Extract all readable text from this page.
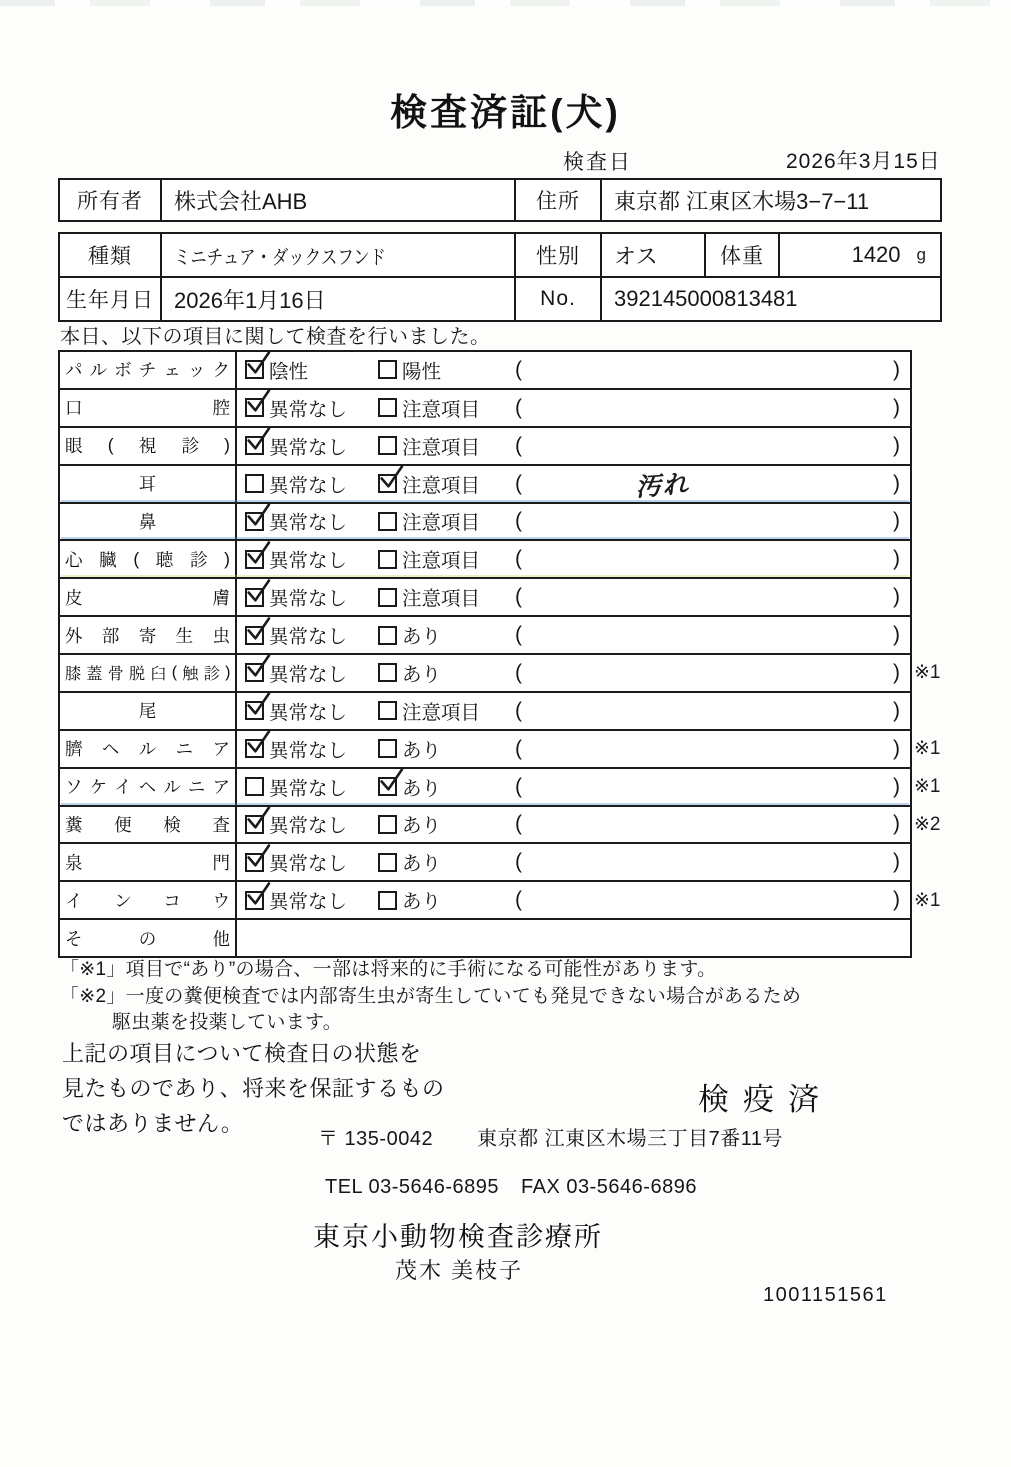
検査済証(犬)
検査日	2026年3月15日
所有者	株式会社AHB	住所	東京都 江東区木場3−7−11
種類	ミニチュア・ダックスフンド	性別	オス	体重	1420 g
生年月日 2026年1月16日	No.	392145000813481
本日、以下の項目に関して検査を行いました。
パ ル ボ チ ェ ッ ク 陰性	陽性	(	)
口	腔 異常なし	注意項目 (	)
眼 ( 視 診 ) 異常なし	注意項目 (	)
耳	異常なし	注意項目 (	汚れ	)
鼻	異常なし	注意項目 (	)
心 臓 ( 聴 診 ) 異常なし	注意項目 (	)
皮	膚 異常なし	注意項目 (	)
外 部 寄 生 虫 異常なし	あり	(	)
膝 蓋 骨 脱 臼 ( 触 診 ) 異常なし	あり	(	) ※1
尾	異常なし	注意項目 (	)
臍 ヘ ル ニ ア 異常なし	あり	(	) ※1
ソ ケ イ ヘ ル ニ ア 異常なし	あり	(	) ※1
糞 便 検 査 異常なし	あり	(	) ※2
泉	門 異常なし	あり	(	)
イ ン コ ウ 異常なし	あり	(	) ※1
そ	の	他
「※1」項目で“あり”の場合、一部は将来的に手術になる可能性があります。
「※2」一度の糞便検査では内部寄生虫が寄生していても発見できない場合があるため
駆虫薬を投薬しています。
上記の項目について検査日の状態を
見たものであり、将来を保証するもの
ではありません。
検疫済
〒 135-0042 東京都 江東区木場三丁目7番11号
TEL 03-5646-6895 FAX 03-5646-6896
東京小動物検査診療所
茂木 美枝子
1001151561
